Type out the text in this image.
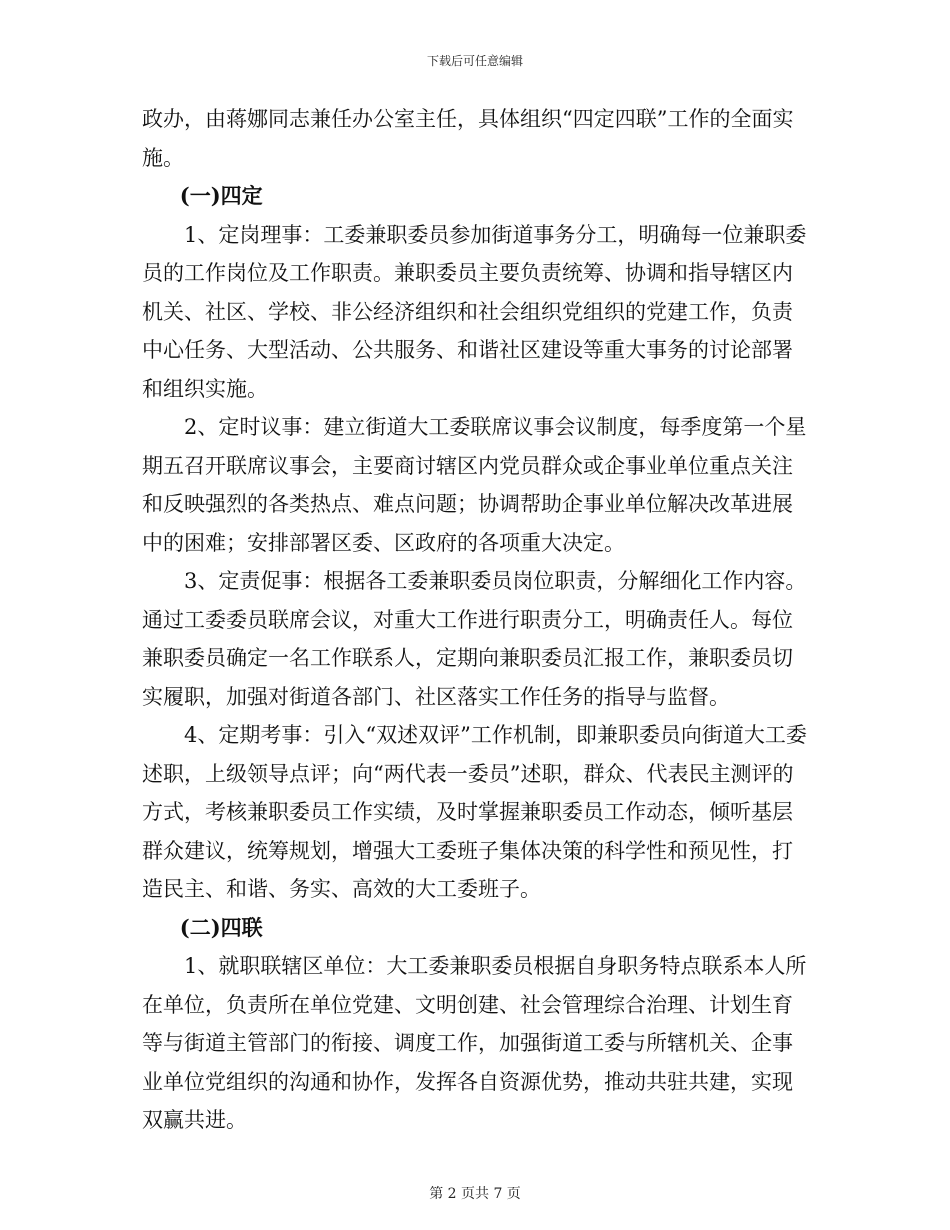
下载后可任意编辑

政办，由蒋娜同志兼任办公室主任，具体组织“四定四联”工作的全面实施。

(一)四定

1、定岗理事：工委兼职委员参加街道事务分工，明确每一位兼职委员的工作岗位及工作职责。兼职委员主要负责统筹、协调和指导辖区内机关、社区、学校、非公经济组织和社会组织党组织的党建工作，负责中心任务、大型活动、公共服务、和谐社区建设等重大事务的讨论部署和组织实施。

2、定时议事：建立街道大工委联席议事会议制度，每季度第一个星期五召开联席议事会，主要商讨辖区内党员群众或企事业单位重点关注和反映强烈的各类热点、难点问题；协调帮助企事业单位解决改革进展中的困难；安排部署区委、区政府的各项重大决定。

3、定责促事：根据各工委兼职委员岗位职责，分解细化工作内容。通过工委委员联席会议，对重大工作进行职责分工，明确责任人。每位兼职委员确定一名工作联系人，定期向兼职委员汇报工作，兼职委员切实履职，加强对街道各部门、社区落实工作任务的指导与监督。

4、定期考事：引入“双述双评”工作机制，即兼职委员向街道大工委述职，上级领导点评；向“两代表一委员”述职，群众、代表民主测评的方式，考核兼职委员工作实绩，及时掌握兼职委员工作动态，倾听基层群众建议，统筹规划，增强大工委班子集体决策的科学性和预见性，打造民主、和谐、务实、高效的大工委班子。

(二)四联

1、就职联辖区单位：大工委兼职委员根据自身职务特点联系本人所在单位，负责所在单位党建、文明创建、社会管理综合治理、计划生育等与街道主管部门的衔接、调度工作，加强街道工委与所辖机关、企事业单位党组织的沟通和协作，发挥各自资源优势，推动共驻共建，实现双赢共进。

第 2 页共 7 页
